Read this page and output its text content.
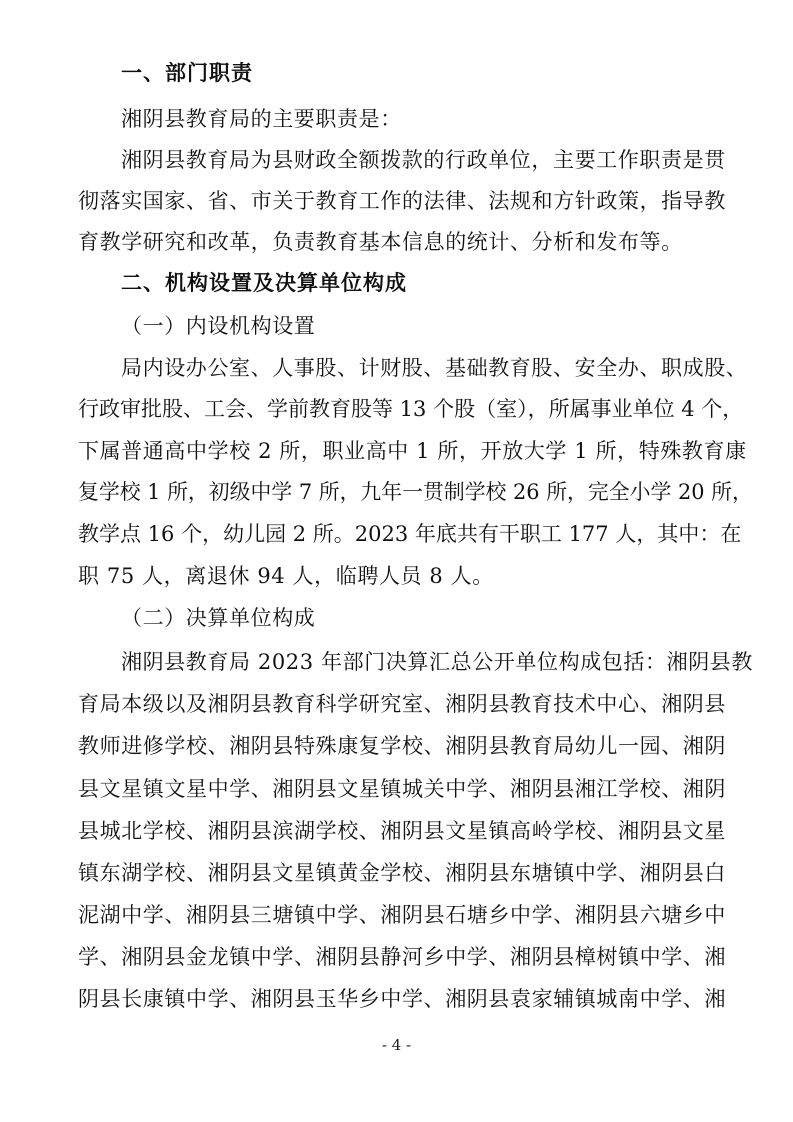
一、部门职责

湘阴县教育局的主要职责是：

湘阴县教育局为县财政全额拨款的行政单位，主要工作职责是贯

彻落实国家、省、市关于教育工作的法律、法规和方针政策，指导教

育教学研究和改革，负责教育基本信息的统计、分析和发布等。

二、机构设置及决算单位构成

（一）内设机构设置

局内设办公室、人事股、计财股、基础教育股、安全办、职成股、

行政审批股、工会、学前教育股等 13 个股（室），所属事业单位 4 个，

下属普通高中学校 2 所，职业高中 1 所，开放大学 1 所，特殊教育康

复学校 1 所，初级中学 7 所，九年一贯制学校 26 所，完全小学 20 所，

教学点 16 个，幼儿园 2 所。2023 年底共有干职工 177 人，其中：在

职 75 人，离退休 94 人，临聘人员 8 人。

（二）决算单位构成

湘阴县教育局 2023 年部门决算汇总公开单位构成包括：湘阴县教

育局本级以及湘阴县教育科学研究室、湘阴县教育技术中心、湘阴县

教师进修学校、湘阴县特殊康复学校、湘阴县教育局幼儿一园、湘阴

县文星镇文星中学、湘阴县文星镇城关中学、湘阴县湘江学校、湘阴

县城北学校、湘阴县滨湖学校、湘阴县文星镇高岭学校、湘阴县文星

镇东湖学校、湘阴县文星镇黄金学校、湘阴县东塘镇中学、湘阴县白

泥湖中学、湘阴县三塘镇中学、湘阴县石塘乡中学、湘阴县六塘乡中

学、湘阴县金龙镇中学、湘阴县静河乡中学、湘阴县樟树镇中学、湘

阴县长康镇中学、湘阴县玉华乡中学、湘阴县袁家辅镇城南中学、湘

- 4 -
